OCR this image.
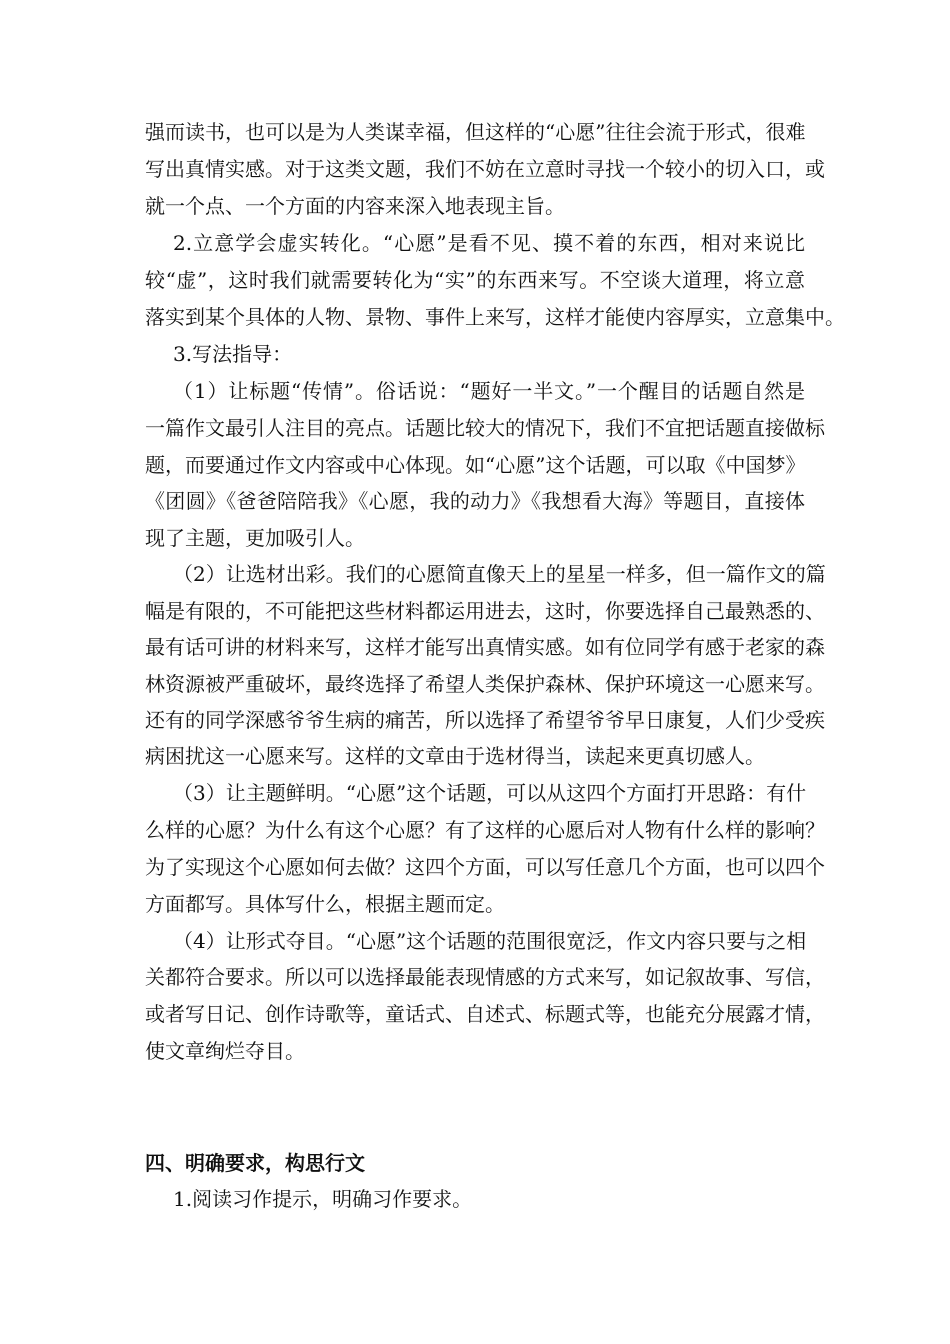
强而读书，也可以是为人类谋幸福，但这样的“心愿”往往会流于形式，很难
写出真情实感。对于这类文题，我们不妨在立意时寻找一个较小的切入口，或
就一个点、一个方面的内容来深入地表现主旨。
2.立意学会虚实转化。“心愿”是看不见、摸不着的东西，相对来说比
较“虚”，这时我们就需要转化为“实”的东西来写。不空谈大道理，将立意
落实到某个具体的人物、景物、事件上来写，这样才能使内容厚实，立意集中。
3.写法指导：
（1）让标题“传情”。俗话说：“题好一半文。”一个醒目的话题自然是
一篇作文最引人注目的亮点。话题比较大的情况下，我们不宜把话题直接做标
题，而要通过作文内容或中心体现。如“心愿”这个话题，可以取《中国梦》
《团圆》《爸爸陪陪我》《心愿，我的动力》《我想看大海》等题目，直接体
现了主题，更加吸引人。
（2）让选材出彩。我们的心愿简直像天上的星星一样多，但一篇作文的篇
幅是有限的，不可能把这些材料都运用进去，这时，你要选择自己最熟悉的、
最有话可讲的材料来写，这样才能写出真情实感。如有位同学有感于老家的森
林资源被严重破坏，最终选择了希望人类保护森林、保护环境这一心愿来写。
还有的同学深感爷爷生病的痛苦，所以选择了希望爷爷早日康复，人们少受疾
病困扰这一心愿来写。这样的文章由于选材得当，读起来更真切感人。
（3）让主题鲜明。“心愿”这个话题，可以从这四个方面打开思路：有什
么样的心愿？为什么有这个心愿？有了这样的心愿后对人物有什么样的影响？
为了实现这个心愿如何去做？这四个方面，可以写任意几个方面，也可以四个
方面都写。具体写什么，根据主题而定。
（4）让形式夺目。“心愿”这个话题的范围很宽泛，作文内容只要与之相
关都符合要求。所以可以选择最能表现情感的方式来写，如记叙故事、写信，
或者写日记、创作诗歌等，童话式、自述式、标题式等，也能充分展露才情，
使文章绚烂夺目。
四、明确要求，构思行文
1.阅读习作提示，明确习作要求。
